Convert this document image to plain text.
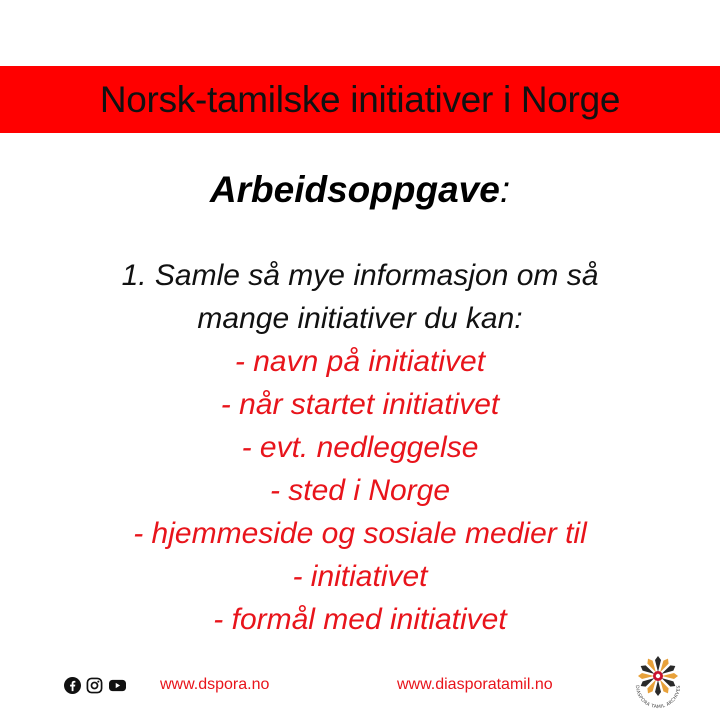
Norsk-tamilske initiativer i Norge
Arbeidsoppgave:
1. Samle så mye informasjon om så
mange initiativer du kan:
- navn på initiativet
- når startet initiativet
- evt. nedleggelse
- sted i Norge
- hjemmeside og sosiale medier til
- initiativet
- formål med initiativet
www.dspora.no	www.diasporatamil.no	DIASPORA TAMIL ARCHIVES
